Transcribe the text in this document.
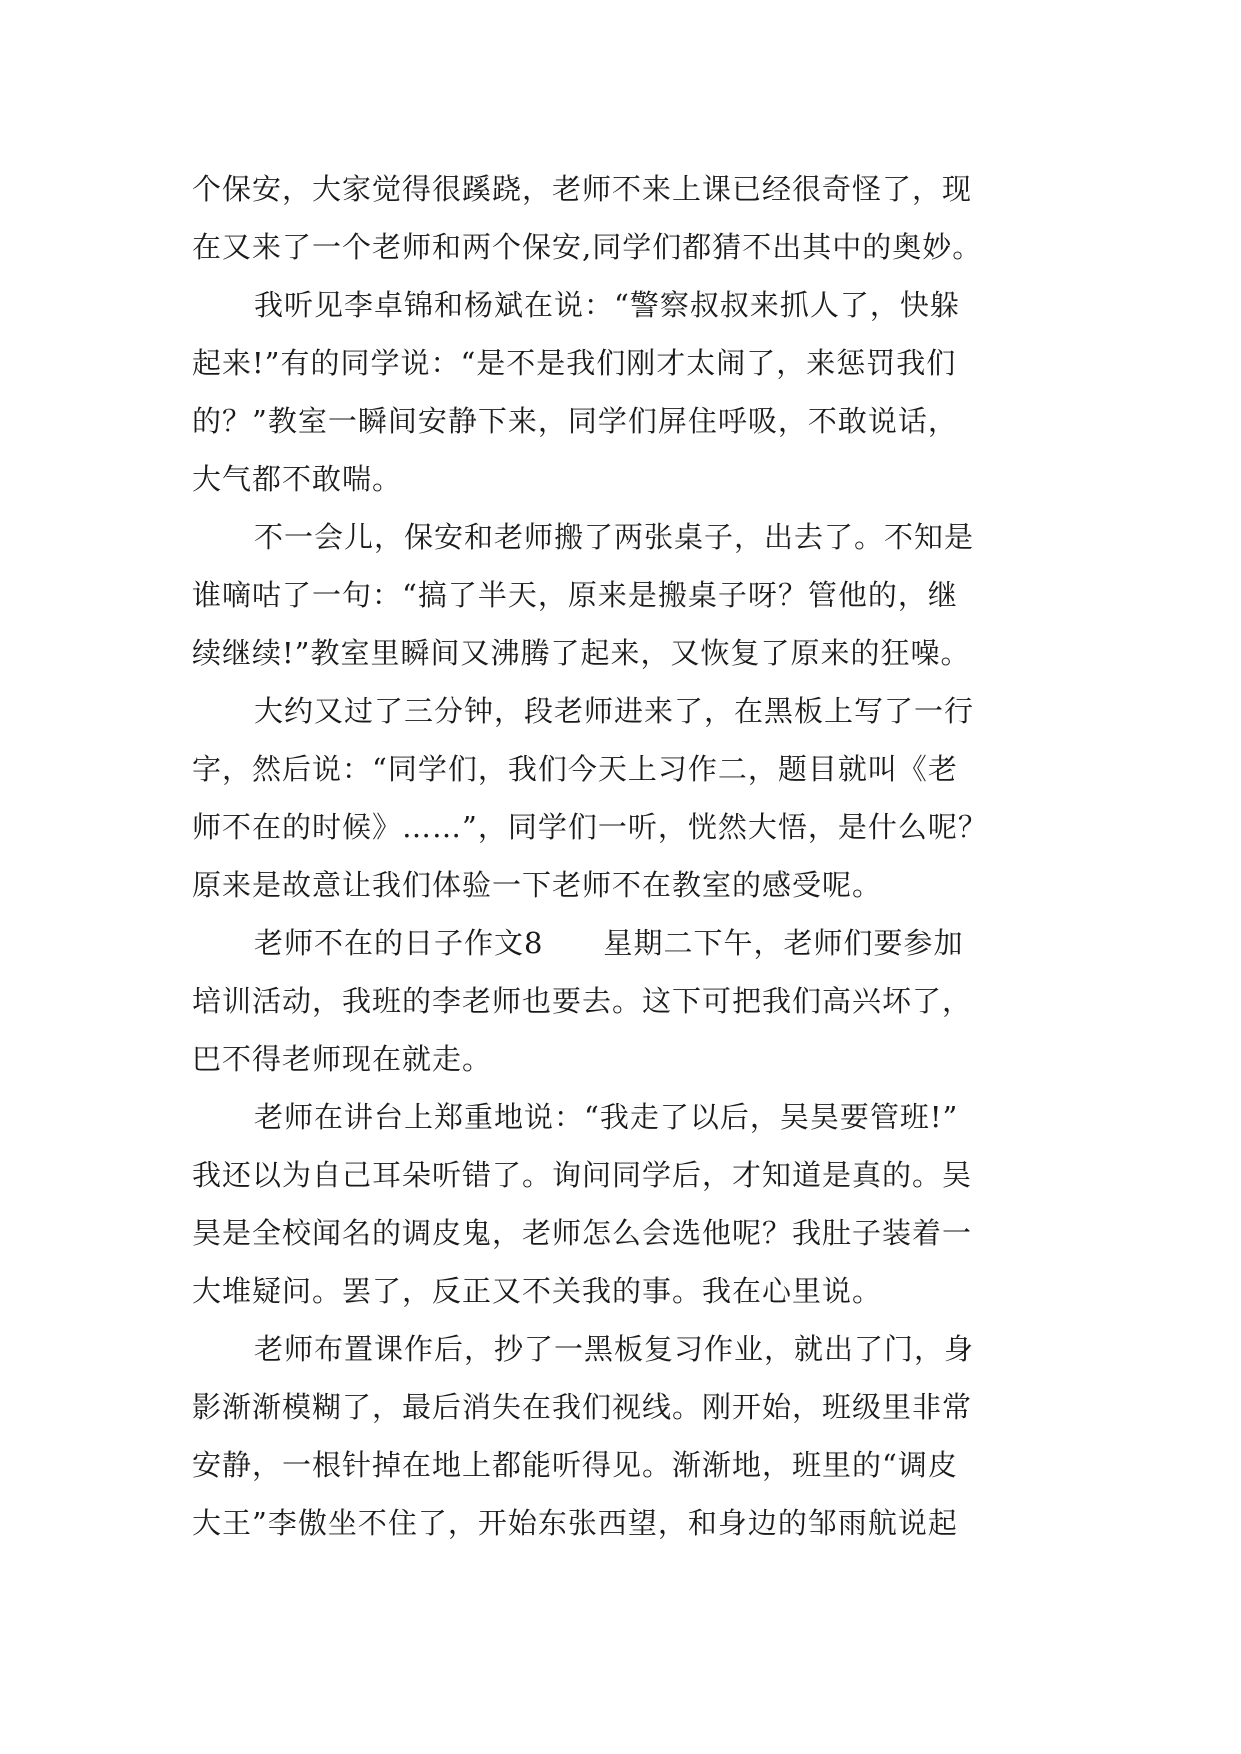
个保安，大家觉得很蹊跷，老师不来上课已经很奇怪了，现
在又来了一个老师和两个保安,同学们都猜不出其中的奥妙。
我听见李卓锦和杨斌在说：“警察叔叔来抓人了，快躲
起来!”有的同学说：“是不是我们刚才太闹了，来惩罚我们
的？”教室一瞬间安静下来，同学们屏住呼吸，不敢说话，
大气都不敢喘。
不一会儿，保安和老师搬了两张桌子，出去了。不知是
谁嘀咕了一句：“搞了半天，原来是搬桌子呀？管他的，继
续继续!”教室里瞬间又沸腾了起来，又恢复了原来的狂噪。
大约又过了三分钟，段老师进来了，在黑板上写了一行
字，然后说：“同学们，我们今天上习作二，题目就叫《老
师不在的时候》……”，同学们一听，恍然大悟，是什么呢？
原来是故意让我们体验一下老师不在教室的感受呢。
老师不在的日子作文8　　星期二下午，老师们要参加
培训活动，我班的李老师也要去。这下可把我们高兴坏了，
巴不得老师现在就走。
老师在讲台上郑重地说：“我走了以后，吴昊要管班!”
我还以为自己耳朵听错了。询问同学后，才知道是真的。吴
昊是全校闻名的调皮鬼，老师怎么会选他呢？我肚子装着一
大堆疑问。罢了，反正又不关我的事。我在心里说。
老师布置课作后，抄了一黑板复习作业，就出了门，身
影渐渐模糊了，最后消失在我们视线。刚开始，班级里非常
安静，一根针掉在地上都能听得见。渐渐地，班里的“调皮
大王”李傲坐不住了，开始东张西望，和身边的邹雨航说起
